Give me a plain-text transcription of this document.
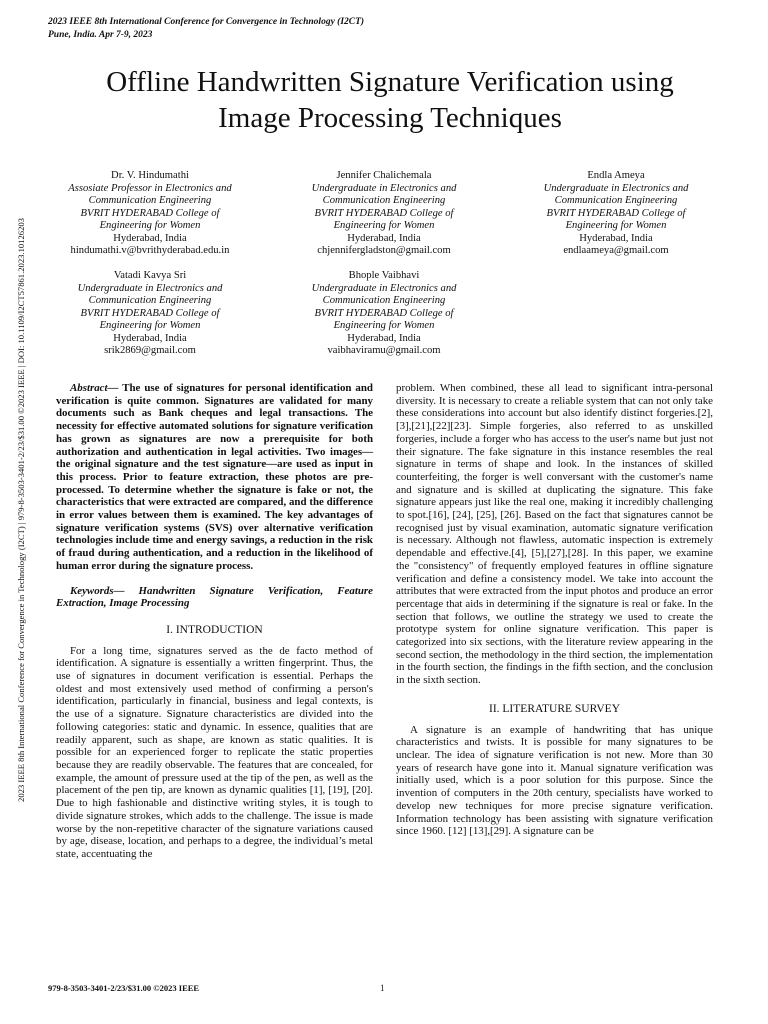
2023 IEEE 8th International Conference for Convergence in Technology (I2CT)
Pune, India. Apr 7-9, 2023
Offline Handwritten Signature Verification using
Image Processing Techniques
2023 IEEE 8th International Conference for Convergence in Technology (I2CT) | 979-8-3503-3401-2/23/$31.00 ©2023 IEEE | DOI: 10.1109/I2CT57861.2023.10126203
Dr. V. Hindumathi
Assosiate Professor in Electronics and
Communication Engineering
BVRIT HYDERABAD College of
Engineering for Women
Hyderabad, India
hindumathi.v@bvrithyderabad.edu.in
Jennifer Chalichemala
Undergraduate in Electronics and
Communication Engineering
BVRIT HYDERABAD College of
Engineering for Women
Hyderabad, India
chjennifergladston@gmail.com
Endla Ameya
Undergraduate in Electronics and
Communication Engineering
BVRIT HYDERABAD College of
Engineering for Women
Hyderabad, India
endlaameya@gmail.com
Vatadi Kavya Sri
Undergraduate in Electronics and
Communication Engineering
BVRIT HYDERABAD College of
Engineering for Women
Hyderabad, India
srik2869@gmail.com
Bhople Vaibhavi
Undergraduate in Electronics and
Communication Engineering
BVRIT HYDERABAD College of
Engineering for Women
Hyderabad, India
vaibhaviramu@gmail.com

Abstract— The use of signatures for personal identification and verification is quite common. Signatures are validated for many documents such as Bank cheques and legal transactions. The necessity for effective automated solutions for signature verification has grown as signatures are now a prerequisite for both authorization and authentication in legal activities. Two images—the original signature and the test signature—are used as input in this process. Prior to feature extraction, these photos are pre-processed. To determine whether the signature is fake or not, the characteristics that were extracted are compared, and the difference in error values between them is examined. The key advantages of signature verification systems (SVS) over alternative verification technologies include time and energy savings, a reduction in the risk of fraud during authentication, and a reduction in the likelihood of human error during the signature process.

Keywords— Handwritten Signature Verification, Feature Extraction, Image Processing

I. INTRODUCTION

For a long time, signatures served as the de facto method of identification. A signature is essentially a written fingerprint. Thus, the use of signatures in document verification is essential. Perhaps the oldest and most extensively used method of confirming a person's identification, particularly in financial, business and legal contexts, is the use of a signature. Signature characteristics are divided into the following categories: static and dynamic. In essence, qualities that are readily apparent, such as shape, are known as static qualities. It is possible for an experienced forger to replicate the static properties because they are readily observable. The features that are concealed, for example, the amount of pressure used at the tip of the pen, as well as the placement of the pen tip, are known as dynamic qualities [1], [19], [20]. Due to high fashionable and distinctive writing styles, it is tough to divide signature strokes, which adds to the challenge. The issue is made worse by the non-repetitive character of the signature variations caused by age, disease, location, and perhaps to a degree, the individual’s metal state, accentuating the

problem. When combined, these all lead to significant intra-personal diversity. It is necessary to create a reliable system that can not only take these considerations into account but also identify distinct forgeries.[2],[3],[21],[22][23]. Simple forgeries, also referred to as unskilled forgeries, include a forger who has access to the user's name but just not their signature. The fake signature in this instance resembles the real signature in terms of shape and look. In the instances of skilled counterfeiting, the forger is well conversant with the customer's name and signature and is skilled at duplicating the signature. This fake signature appears just like the real one, making it incredibly challenging to spot.[16], [24], [25], [26]. Based on the fact that signatures cannot be recognised just by visual examination, automatic signature verification is necessary. Although not flawless, automatic inspection is extremely dependable and effective.[4], [5],[27],[28]. In this paper, we examine the "consistency" of frequently employed features in offline signature verification and define a consistency model. We take into account the attributes that were extracted from the input photos and produce an error percentage that aids in determining if the signature is real or fake. In the section that follows, we outline the strategy we used to create the prototype system for online signature verification. This paper is categorized into six sections, with the literature review appearing in the second section, the methodology in the third section, the implementation in the fourth section, the findings in the fifth section, and the conclusion in the sixth section.

II. LITERATURE SURVEY

A signature is an example of handwriting that has unique characteristics and twists. It is possible for many signatures to be unclear. The idea of signature verification is not new. More than 30 years of research have gone into it. Manual signature verification was initially used, which is a poor solution for this purpose. Since the invention of computers in the 20th century, specialists have worked to develop new techniques for more precise signature verification. Information technology has been assisting with signature verification since 1960. [12] [13],[29]. A signature can be

979-8-3503-3401-2/23/$31.00 ©2023 IEEE	1
